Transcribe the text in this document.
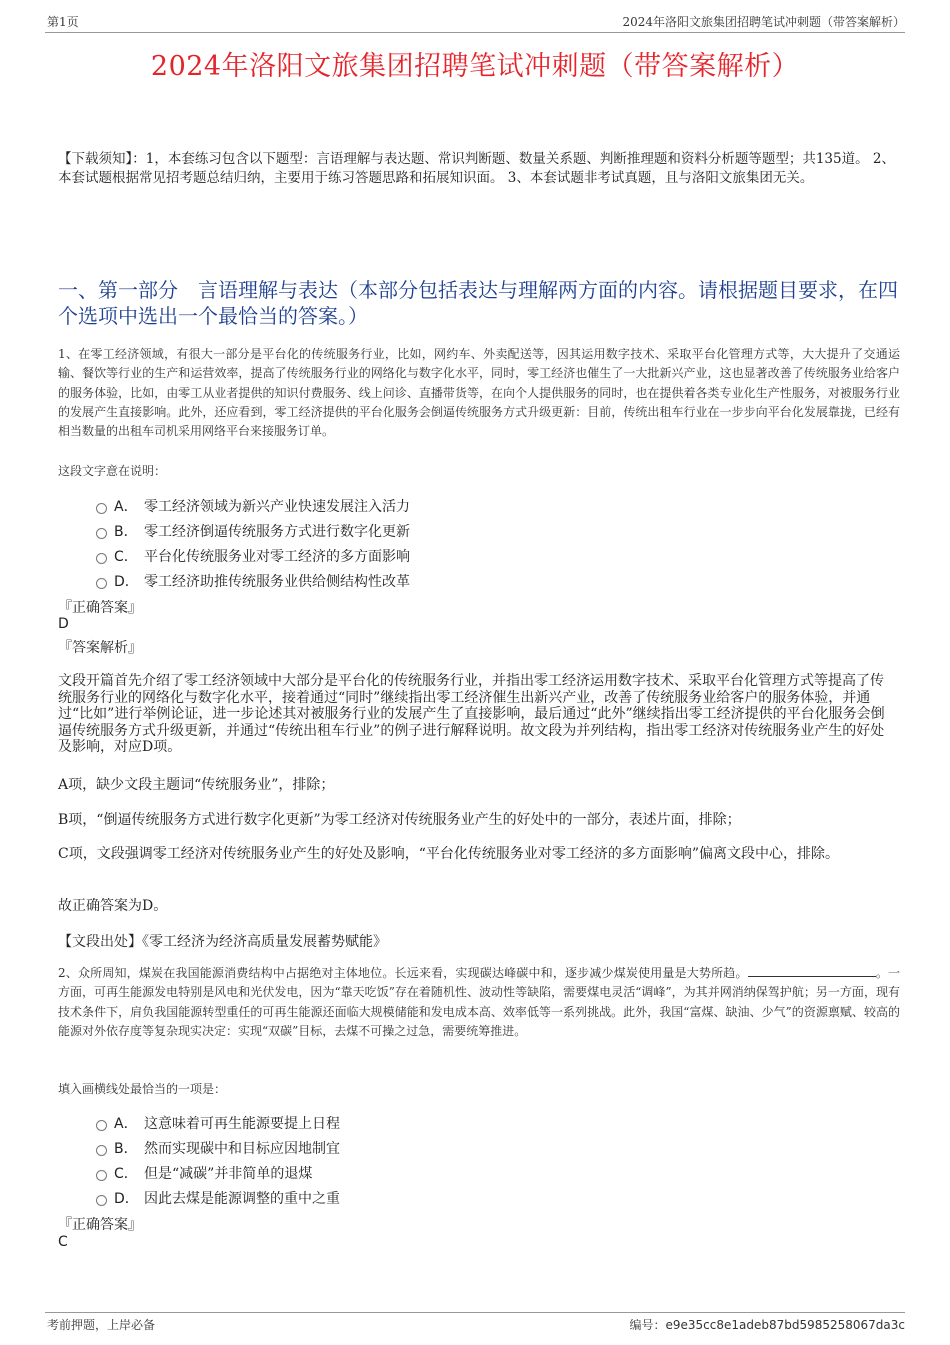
第1页	2024年洛阳文旅集团招聘笔试冲刺题（带答案解析）
2024年洛阳文旅集团招聘笔试冲刺题（带答案解析）
【下载须知】：1，本套练习包含以下题型：言语理解与表达题、常识判断题、数量关系题、判断推理题和资料分析题等题型；共135道。 2、本套试题根据常见招考题总结归纳，主要用于练习答题思路和拓展知识面。 3、本套试题非考试真题，且与洛阳文旅集团无关。
一、第一部分　言语理解与表达（本部分包括表达与理解两方面的内容。请根据题目要求，在四个选项中选出一个最恰当的答案。）
1、在零工经济领域，有很大一部分是平台化的传统服务行业，比如，网约车、外卖配送等，因其运用数字技术、采取平台化管理方式等，大大提升了交通运输、餐饮等行业的生产和运营效率，提高了传统服务行业的网络化与数字化水平，同时，零工经济也催生了一大批新兴产业，这也显著改善了传统服务业给客户的服务体验，比如，由零工从业者提供的知识付费服务、线上问诊、直播带货等，在向个人提供服务的同时，也在提供着各类专业化生产性服务，对被服务行业的发展产生直接影响。此外，还应看到，零工经济提供的平台化服务会倒逼传统服务方式升级更新：目前，传统出租车行业在一步步向平台化发展靠拢，已经有相当数量的出租车司机采用网络平台来接服务订单。
这段文字意在说明：
A． 零工经济领域为新兴产业快速发展注入活力
B． 零工经济倒逼传统服务方式进行数字化更新
C． 平台化传统服务业对零工经济的多方面影响
D． 零工经济助推传统服务业供给侧结构性改革
『正确答案』
D
『答案解析』
文段开篇首先介绍了零工经济领域中大部分是平台化的传统服务行业，并指出零工经济运用数字技术、采取平台化管理方式等提高了传统服务行业的网络化与数字化水平，接着通过“同时”继续指出零工经济催生出新兴产业，改善了传统服务业给客户的服务体验，并通过“比如”进行举例论证，进一步论述其对被服务行业的发展产生了直接影响，最后通过“此外”继续指出零工经济提供的平台化服务会倒逼传统服务方式升级更新，并通过“传统出租车行业”的例子进行解释说明。故文段为并列结构，指出零工经济对传统服务业产生的好处及影响，对应D项。
A项，缺少文段主题词“传统服务业”，排除；
B项，“倒逼传统服务方式进行数字化更新”为零工经济对传统服务业产生的好处中的一部分，表述片面，排除；
C项，文段强调零工经济对传统服务业产生的好处及影响，“平台化传统服务业对零工经济的多方面影响”偏离文段中心，排除。
故正确答案为D。
【文段出处】《零工经济为经济高质量发展蓄势赋能》
2、众所周知，煤炭在我国能源消费结构中占据绝对主体地位。长远来看，实现碳达峰碳中和，逐步减少煤炭使用量是大势所趋。	。一方面，可再生能源发电特别是风电和光伏发电，因为“靠天吃饭”存在着随机性、波动性等缺陷，需要煤电灵活“调峰”，为其并网消纳保驾护航；另一方面，现有技术条件下，肩负我国能源转型重任的可再生能源还面临大规模储能和发电成本高、效率低等一系列挑战。此外，我国“富煤、缺油、少气”的资源禀赋、较高的能源对外依存度等复杂现实决定：实现“双碳”目标，去煤不可操之过急，需要统筹推进。
填入画横线处最恰当的一项是：
A． 这意味着可再生能源要提上日程
B． 然而实现碳中和目标应因地制宜
C． 但是“减碳”并非简单的退煤
D． 因此去煤是能源调整的重中之重
『正确答案』
C
考前押题，上岸必备	编号：e9e35cc8e1adeb87bd5985258067da3c
